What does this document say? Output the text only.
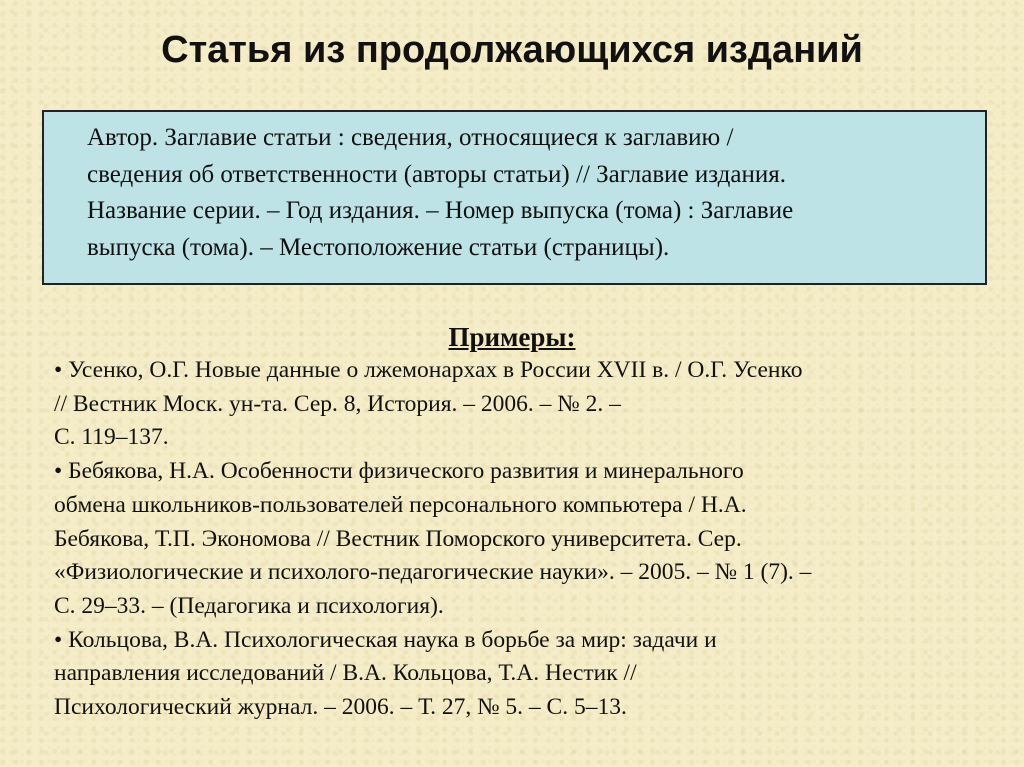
Статья из продолжающихся изданий
Автор. Заглавие статьи : сведения, относящиеся к заглавию /
сведения об ответственности (авторы статьи) // Заглавие издания.
Название серии. – Год издания. – Номер выпуска (тома) : Заглавие
выпуска (тома). – Местоположение статьи (страницы).
Примеры:
• Усенко, О.Г. Новые данные о лжемонархах в России XVII в. / О.Г. Усенко
// Вестник Моск. ун-та. Сер. 8, История. – 2006. – № 2. –
С. 119–137.
• Бебякова, Н.А. Особенности физического развития и минерального
обмена школьников-пользователей персонального компьютера / Н.А.
Бебякова, Т.П. Экономова // Вестник Поморского университета. Сер.
«Физиологические и психолого-педагогические науки». – 2005. – № 1 (7). –
С. 29–33. – (Педагогика и психология).
• Кольцова, В.А. Психологическая наука в борьбе за мир: задачи и
направления исследований / В.А. Кольцова, Т.А. Нестик //
Психологический журнал. – 2006. – Т. 27, № 5. – С. 5–13.
